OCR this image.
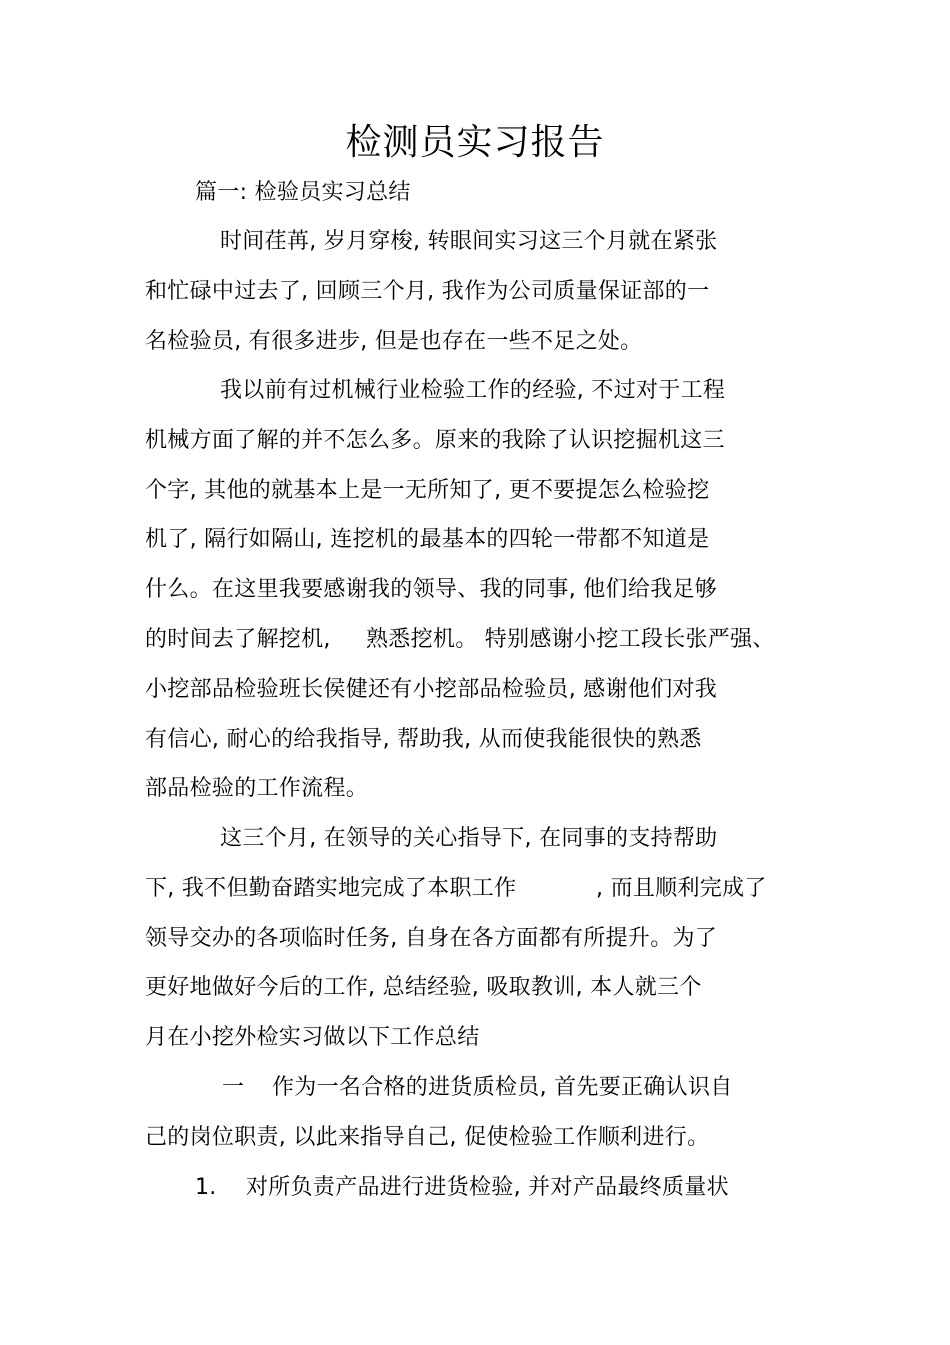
检测员实习报告
篇一: 检验员实习总结
时间荏苒, 岁月穿梭, 转眼间实习这三个月就在紧张
和忙碌中过去了, 回顾三个月, 我作为公司质量保证部的一
名检验员, 有很多进步, 但是也存在一些不足之处。
我以前有过机械行业检验工作的经验, 不过对于工程
机械方面了解的并不怎么多。原来的我除了认识挖掘机这三
个字, 其他的就基本上是一无所知了, 更不要提怎么检验挖
机了, 隔行如隔山, 连挖机的最基本的四轮一带都不知道是
什么。在这里我要感谢我的领导、我的同事, 他们给我足够
的时间去了解挖机, 熟悉挖机。 特别感谢小挖工段长张严强、
小挖部品检验班长侯健还有小挖部品检验员, 感谢他们对我
有信心, 耐心的给我指导, 帮助我, 从而使我能很快的熟悉
部品检验的工作流程。
这三个月, 在领导的关心指导下, 在同事的支持帮助
下, 我不但勤奋踏实地完成了本职工作	, 而且顺利完成了
领导交办的各项临时任务, 自身在各方面都有所提升。为了
更好地做好今后的工作, 总结经验, 吸取教训, 本人就三个
月在小挖外检实习做以下工作总结
一 作为一名合格的进货质检员, 首先要正确认识自
己的岗位职责, 以此来指导自己, 促使检验工作顺利进行。
1. 对所负责产品进行进货检验, 并对产品最终质量状
